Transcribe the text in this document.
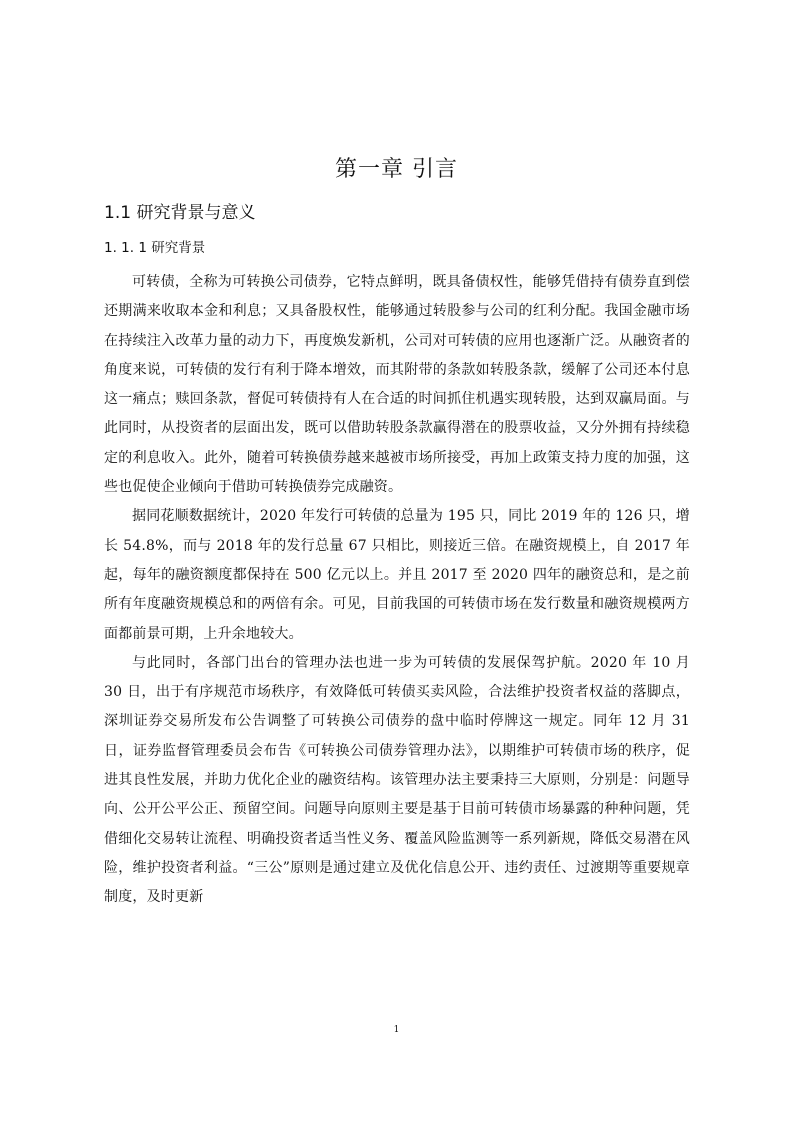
第一章 引言
1.1 研究背景与意义
1. 1. 1 研究背景

可转债，全称为可转换公司债券，它特点鲜明，既具备债权性，能够凭借持有债券直到偿还期满来收取本金和利息；又具备股权性，能够通过转股参与公司的红利分配。我国金融市场在持续注入改革力量的动力下，再度焕发新机，公司对可转债的应用也逐渐广泛。从融资者的角度来说，可转债的发行有利于降本增效，而其附带的条款如转股条款，缓解了公司还本付息这一痛点；赎回条款，督促可转债持有人在合适的时间抓住机遇实现转股，达到双赢局面。与此同时，从投资者的层面出发，既可以借助转股条款赢得潜在的股票收益，又分外拥有持续稳定的利息收入。此外，随着可转换债券越来越被市场所接受，再加上政策支持力度的加强，这些也促使企业倾向于借助可转换债券完成融资。

据同花顺数据统计，2020 年发行可转债的总量为 195 只，同比 2019 年的 126 只，增长 54.8%，而与 2018 年的发行总量 67 只相比，则接近三倍。在融资规模上，自 2017 年起，每年的融资额度都保持在 500 亿元以上。并且 2017 至 2020 四年的融资总和，是之前所有年度融资规模总和的两倍有余。可见，目前我国的可转债市场在发行数量和融资规模两方面都前景可期，上升余地较大。

与此同时，各部门出台的管理办法也进一步为可转债的发展保驾护航。2020 年 10 月 30 日，出于有序规范市场秩序，有效降低可转债买卖风险，合法维护投资者权益的落脚点， 深圳证券交易所发布公告调整了可转换公司债券的盘中临时停牌这一规定。同年 12 月 31 日，证券监督管理委员会布告《可转换公司债券管理办法》，以期维护可转债市场的秩序，促进其良性发展，并助力优化企业的融资结构。该管理办法主要秉持三大原则，分别是：问题导向、公开公平公正、预留空间。问题导向原则主要是基于目前可转债市场暴露的种种问题，凭借细化交易转让流程、明确投资者适当性义务、覆盖风险监测等一系列新规，降低交易潜在风险，维护投资者利益。“三公”原则是通过建立及优化信息公开、违约责任、过渡期等重要规章制度，及时更新

1
